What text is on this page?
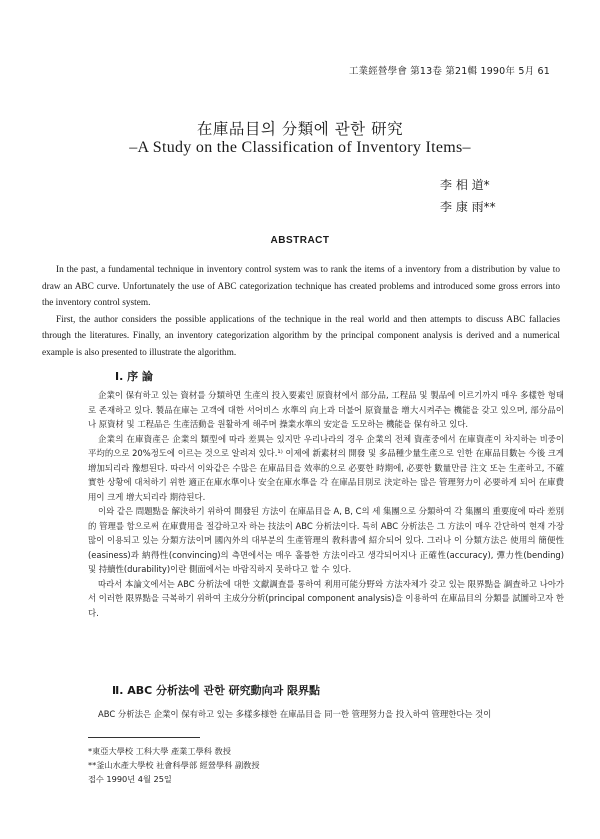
工業經營學會 第13卷 第21輯 1990年 5月 61
在庫品目의 分類에 관한 研究
–A Study on the Classification of Inventory Items–
李 相 道*
李 康 雨**
ABSTRACT

In the past, a fundamental technique in inventory control system was to rank the items of a inventory from a distribution by value to draw an ABC curve. Unfortunately the use of ABC categorization technique has created problems and introduced some gross errors into the inventory control system.

First, the author considers the possible applications of the technique in the real world and then attempts to discuss ABC fallacies through the literatures. Finally, an inventory categorization algorithm by the principal component analysis is derived and a numerical example is also presented to illustrate the algorithm.

Ⅰ. 序 論

企業이 保有하고 있는 資材를 分類하면 生產의 投入要素인 原資材에서 部分品, 工程品 및 製品에 이르기까지 매우 多樣한 형태로 존재하고 있다. 製品在庫는 고객에 대한 서어비스 水準의 向上과 더불어 原資量을 增大시켜주는 機能을 갖고 있으며, 部分品이나 原資材 및 工程品은 生產活動을 원활하게 해주며 操業水準의 安定을 도모하는 機能을 保有하고 있다.

企業의 在庫資產은 企業의 類型에 따라 差異는 있지만 우리나라의 경우 企業의 전체 資產중에서 在庫資產이 차지하는 비중이 平均的으로 20%정도에 이르는 것으로 알려져 있다.¹⁾ 이제에 新素材의 開發 및 多品種少量生產으로 인한 在庫品目數는 今後 크게 增加되리라 豫想된다. 따라서 이와같은 수많은 在庫品目을 效率的으로 必要한 時期에, 必要한 數量만큼 注文 또는 生產하고, 不確實한 상황에 대처하기 위한 適正在庫水準이나 安全在庫水準을 각 在庫品目別로 決定하는 많은 管理努力이 必要하게 되어 在庫費用이 크게 增大되리라 期待된다.

이와 같은 問題點을 解決하기 위하여 開發된 方法이 在庫品目을 A, B, C의 세 集團으로 分類하여 각 集團의 重要度에 따라 差別的 管理를 함으로써 在庫費用을 절감하고자 하는 技法이 ABC 分析法이다. 특히 ABC 分析法은 그 方法이 매우 간단하여 현재 가장 많이 이용되고 있는 分類方法이며 國內外의 대부분의 生產管理의 敎科書에 紹介되어 있다. 그러나 이 分類方法은 使用의 簡便性(easiness)과 納得性(convincing)의 측면에서는 매우 훌륭한 方法이라고 생각되어지나 正確性(accuracy), 彈力性(bending) 및 持續性(durability)이란 側面에서는 바람직하지 못하다고 할 수 있다.

따라서 本論文에서는 ABC 分析法에 대한 文獻調査를 통하여 利用可能分野와 方法자체가 갖고 있는 限界點을 調査하고 나아가서 이러한 限界點을 극복하기 위하여 主成分分析(principal component analysis)을 이용하여 在庫品目의 分類를 試圖하고자 한다.

Ⅱ. ABC 分析法에 관한 研究動向과 限界點

ABC 分析法은 企業이 保有하고 있는 多樣多様한 在庫品目을 同一한 管理努力을 投入하여 管理한다는 것이

*東亞大學校 工科大學 產業工學科 敎授
**釜山水產大學校 社會科學部 經營學科 副敎授
접수 1990년 4월 25일
